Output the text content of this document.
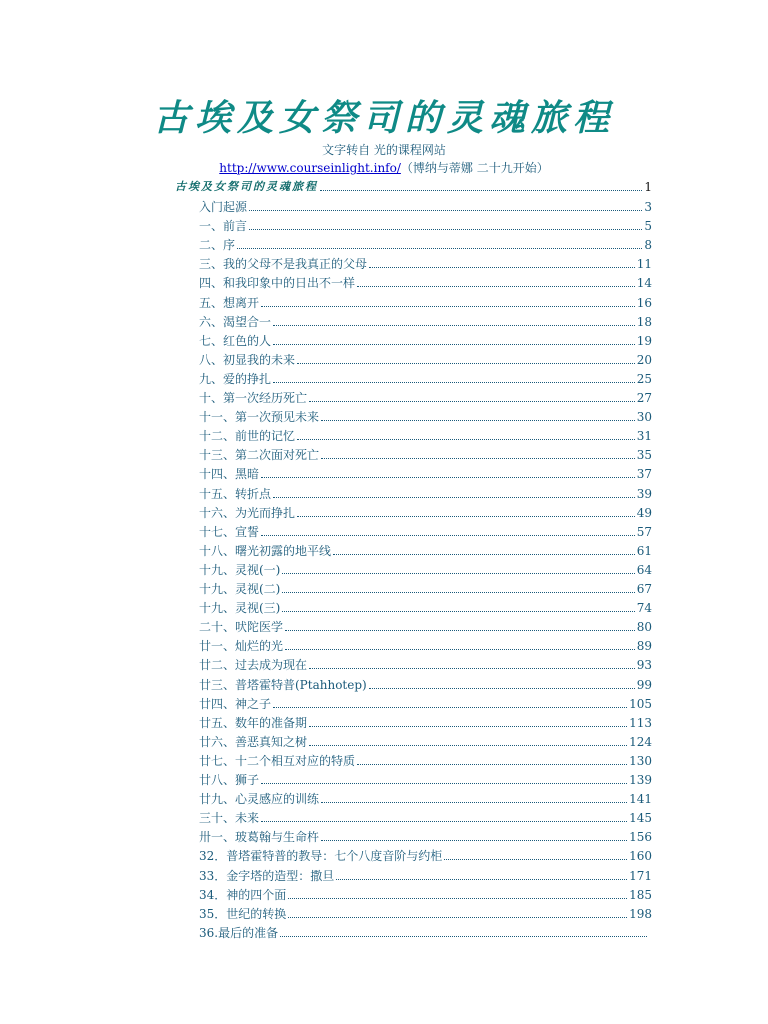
古埃及女祭司的灵魂旅程
文字转自 光的课程网站
http://www.courseinlight.info/（博纳与蒂娜 二十九开始）
古埃及女祭司的灵魂旅程	1
入门起源	3
一、前言	5
二、序	8
三、我的父母不是我真正的父母	11
四、和我印象中的日出不一样	14
五、想离开	16
六、渴望合一	18
七、红色的人	19
八、初显我的未来	20
九、爱的挣扎	25
十、第一次经历死亡	27
十一、第一次预见未来	30
十二、前世的记忆	31
十三、第二次面对死亡	35
十四、黑暗	37
十五、转折点	39
十六、为光而挣扎	49
十七、宣誓	57
十八、曙光初露的地平线	61
十九、灵视(一)	64
十九、灵视(二)	67
十九、灵视(三)	74
二十、吠陀医学	80
廿一、灿烂的光	89
廿二、过去成为现在	93
廿三、普塔霍特普(Ptahhotep)	99
廿四、神之子	105
廿五、数年的准备期	113
廿六、善恶真知之树	124
廿七、十二个相互对应的特质	130
廿八、狮子	139
廿九、心灵感应的训练	141
三十、未来	145
卅一、玻葛翰与生命杵	156
32．普塔霍特普的教导：七个八度音阶与约柜	160
33．金字塔的造型：撒旦	171
34．神的四个面	185
35．世纪的转换	198
36.最后的准备
